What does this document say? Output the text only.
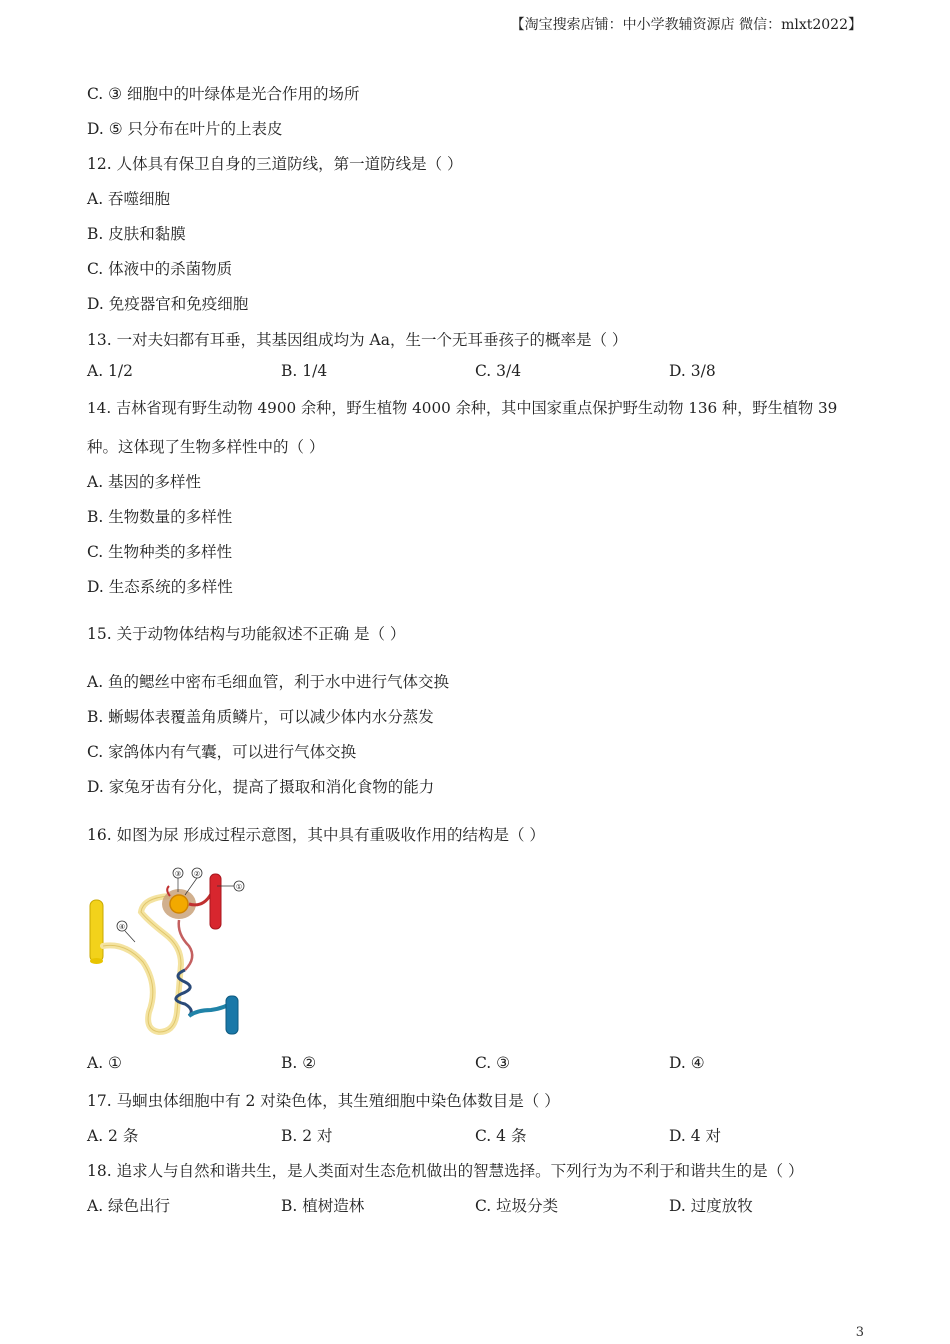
【淘宝搜索店铺：中小学教辅资源店 微信：mlxt2022】
C. ③ 细胞中的叶绿体是光合作用的场所
D. ⑤ 只分布在叶片的上表皮
12. 人体具有保卫自身的三道防线，第一道防线是（ ）
A. 吞噬细胞
B. 皮肤和黏膜
C. 体液中的杀菌物质
D. 免疫器官和免疫细胞
13. 一对夫妇都有耳垂，其基因组成均为 Aa，生一个无耳垂孩子的概率是（ ）
A. 1/2	B. 1/4	C. 3/4	D. 3/8
14. 吉林省现有野生动物 4900 余种，野生植物 4000 余种，其中国家重点保护野生动物 136 种，野生植物 39
种。这体现了生物多样性中的（ ）
A. 基因的多样性
B. 生物数量的多样性
C. 生物种类的多样性
D. 生态系统的多样性
15. 关于动物体结构与功能叙述不正确 是（ ）
A. 鱼的鳃丝中密布毛细血管，利于水中进行气体交换
B. 蜥蜴体表覆盖角质鳞片，可以减少体内水分蒸发
C. 家鸽体内有气囊，可以进行气体交换
D. 家兔牙齿有分化，提高了摄取和消化食物的能力
16. 如图为尿 形成过程示意图，其中具有重吸收作用的结构是（ ）
③ ②
①
④
A. ①	B. ②	C. ③	D. ④
17. 马蛔虫体细胞中有 2 对染色体，其生殖细胞中染色体数目是（ ）
A. 2 条	B. 2 对	C. 4 条	D. 4 对
18. 追求人与自然和谐共生，是人类面对生态危机做出的智慧选择。下列行为为不利于和谐共生的是（ ）
A. 绿色出行	B. 植树造林	C. 垃圾分类	D. 过度放牧
3
